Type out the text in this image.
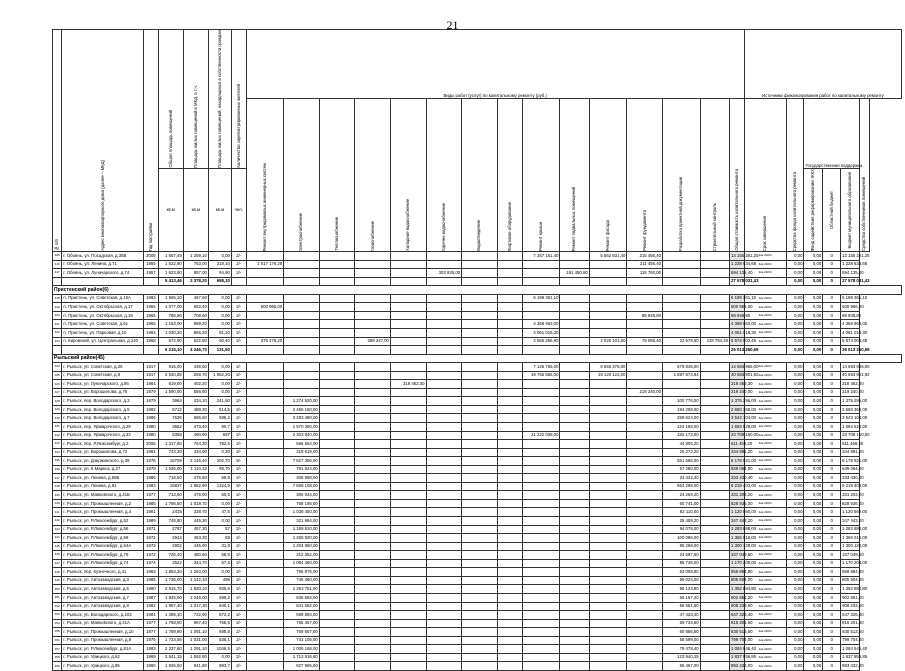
21
№ п/п	Адрес многоквартирного дома (далее – МКД)	Год постройки	Общая площадь помещений	Площадь жилых помещений в МКД, в т.ч.	Площадь жилых помещений, находящихся в собственности граждан	Количество зарегистрированных жителей	Виды работ (услуг) по капитальному ремонту (руб.)															Источники финансирования работ по капитальному ремонту					

							Ремонт внутридомовых инженерных систем	Электроснабжение	Теплоснабжение	Газоснабжение	Холодное водоснабжение	Горячее водоснабжение	Водоотведение	Лифтовое оборудование	Ремонт крыши	Ремонт подвальных помещений	Ремонт фасада	Ремонт фундамента	Разработка проектной документации	Строительный контроль	Общая стоимость капитального ремонта	Срок завершения	Средства фонда капитального ремонта	Государственная поддержка			Средства собственников помещений

			кв.м	кв.м	кв.м	чел.																		Фонд содействия реформированию ЖКХ	Областной бюджет	Бюджет муниципального образования	

406	г. Обоянь, ул. Посадская, д.35В	2005	1 657,49	1 259,10	0,00	2/-									7 257 161,40		5 562 831,40	215 456,40			13 155 261,25	4кв.2023г	0,00	0,00	0	13 155 261,25	
416	г. Обоянь, ул. Ленина, д.71	1955	1 522,90	763,00	318,10	2/-	1 017 176,28											211 456,40			1 228 634,68	4кв.2023г	0,00	0,00	0	1 228 634,68	
417	г. Обоянь, ул. Луначарского, д.74	1957	1 623,80	857,00	94,90	2/-						303 925,00				191 450,60		118 760,00			694 135,40	4кв.2023г	0,00	0,00	0	694 135,40	
			5 413,46	3 378,20	658,10																27 578 031,43		0,00	0,00	0	27 578 031,43	
Пристенский район(6)																											
418	п. Пристень, ул. Советская, д.15А	1983	1 565,10	467,60	0,00	2/-									6 199 361,10						6 199 361,10	4кв.2023г	0,00	0,00	0	6 199 361,10	
419	п. Пристень, ул. Октябрьская, д.17	1965	1 077,00	652,40	0,00	2/-	600 966,00														600 966,00	4кв.2023г	0,00	0,00	0	600 966,00	
420	п. Пристень, ул. Октябрьская, д.19	1965	786,80	708,60	0,00	2/-												88 948,80			88 948,80	4кв.2023г	0,00	0,00	0	88 948,80	
421	п. Пристень, ул. Советская, д.61	1965	1 153,00	999,20	0,00	2/-									4 368 963,00						4 368 963,00	4кв.2023г	0,00	0,00	0	4 368 963,00	
422	п. Пристень, ул. Парковая, д.10	1984	1 030,30	856,20	81,10	2/-									4 061 018,30						4 061 018,30	4кв.2023г	0,00	0,00	0	4 061 018,30	
423	п. Кировский, ул. Центральная, д.140	1968	672,90	622,50	50,40	2/-	375 478,20			289 347,00					2 565 256,90		2 026 101,60	78 056,40	22 578,60	118 784,49	5 574 003,49	4кв.2023г	0,00	0,00	0	5 574 003,49	
			6 215,10	4 246,70	131,50																26 013 260,69		0,00	0,00	0	26 013 260,69	
Рыльский район(45)																											
424	г. Рыльск, ул. Советская, д.25	1917	915,00	439,60	0,00	2/-									7 125 765,00		6 655 375,00		679 845,00		14 693 965,00	4кв.2023г	0,00	0,00	0	14 693 965,00	
425	г. Рыльск, ул. Советская, д.9	1917	2 540,88	259,70	1 062,20	2/-									19 755 556,00		19 120 122,00		1 887 873,84		40 693 901,92	4кв.2023г	0,00	0,00	0	40 693 901,92	
426	г. Рыльск, ул. Луначарского, д.86	1964	619,00	402,20	0,00	2/-					318 462,30										318 462,30	4кв.2023г	0,00	0,00	0	318 462,30	
427	г. Рыльск, ул. Ворошилова, д.76	1979	1 590,00	556,60	0,00	2/-												219 240,00			219 240,00	4кв.2023г	0,00	0,00	0	219 240,00	
428	г. Рыльск, пер. Володарского, д.3	1979	3964	434,10	241,50	2/-		1 274 520,00											100 776,00		1 375 296,00	4кв.2023г	0,00	0,00	0	1 375 296,00	
429	г. Рыльск, пер. Володарского, д.5	1982	5712	488,30	514,5	2/-		2 456 160,00											194 208,00		2 650 368,00	4кв.2023г	0,00	0,00	0	2 650 368,00	
430	г. Рыльск, пер. Володарского, д.7	1986	7636	696,50	586,2	2/-		3 283 480,00											259 624,00		3 543 104,00	4кв.2023г	0,00	0,00	0	3 543 104,00	
431	г. Рыльск, пер. Ярмарочного, д.29	1980	3652	473,40	80,7	2/-		1 570 360,00											124 168,00		1 694 528,00	4кв.2023г	0,00	0,00	0	1 694 528,00	
432	г. Рыльск, пер. Ярмарочного, д.33	1980	5358	490,90	697	2/-		2 303 940,00							21 222 038,00				182 172,00		23 708 150,00	4кв.2023г	0,00	0,00	0	23 708 150,00	
433	г. Рыльск, пер. Р.Люксембург, д.2	2006	1 317,80	764,30	782,5	2/-		566 654,00											44 805,20		611 459,20	4кв.2023г	0,00	0,00	0	611 459,20	
434	г. Рыльск, ул. Ворошилова, д.72	1981	743,30	434,90	0,30	2/-		319 619,00											25 272,20		344 891,20	4кв.2023г	0,00	0,00	0	344 891,20	
435	г. Рыльск, ул. Дзержинского, д.39	1976	15709	2 145,40	202,70	9/-		7 627 356,00											551 565,00		8 178 921,00	4кв.2023г	0,00	0,00	0	8 178 921,00	
436	г. Рыльск, ул. К.Маркса, д.27	1979	1 636,00	1 110,32	95,70	2/-		791 824,00											57 280,00		849 064,00	4кв.2023г	0,00	0,00	0	849 064,00	
437	г. Рыльск, ул. Ленина, д.59Б	1986	718,60	476,50	59,8	2/-		308 998,00											24 432,40		333 430,40	4кв.2023г	0,00	0,00	0	333 430,40	
438	г. Рыльск, ул. Ленина, д.91	1983	15837	1 862,90	1324,9	9/-		7 665 108,00											554 295,00		8 219 403,00	4кв.2023г	0,00	0,00	0	8 219 403,00	
439	г. Рыльск, ул. Маяковского, д.41Б	1977	713,60	479,90	60,5	2/-		306 934,00											24 269,20		331 203,20	4кв.2023г	0,00	0,00	0	331 203,20	
440	г. Рыльск, ул. Промышленная, д.2	1985	1 786,50	1 018,70	0,00	2/-		768 195,00											60 741,00		828 936,00	4кв.2023г	0,00	0,00	0	828 936,00	
441	г. Рыльск, ул. Промышленная, д.4	1981	2415	328,70	47,5	2/-		1 038 450,00											82 110,00		1 120 560,00	4кв.2023г	0,00	0,00	0	1 120 560,00	
442	г. Рыльск, ул. Р.Люксембург, д.52	1989	748,80	445,30	0,00	2/-		321 984,00											25 459,20		347 443,20	4кв.2023г	0,00	0,00	0	347 443,20	
443	г. Рыльск, ул. Р.Люксембург, д.56	1971	2787	457,30	57	2/-		1 189 810,00											94 078,00		1 283 888,00	4кв.2023г	0,00	0,00	0	1 283 888,00	
444	г. Рыльск, ул. Р.Люксембург, д.58	1971	2944	463,30	59	2/-		1 265 920,00											100 096,00		1 366 016,00	4кв.2023г	0,00	0,00	0	1 366 016,00	
445	г. Рыльск, ул. Р.Люксембург, д.64А	1973	2802	445,90	31,8	2/-		1 204 860,00											95 268,00		1 300 128,00	4кв.2023г	0,00	0,00	0	1 300 128,00	
446	г. Рыльск, ул. Р.Люксембург, д.79	1972	726,40	480,60	58,9	2/-		312 352,00											24 697,60		337 049,60	4кв.2023г	0,00	0,00	0	337 049,60	
447	г. Рыльск, ул. Р.Люксембург, д.74	1974	2522	344,70	67,6	2/-		1 084 460,00											85 748,00		1 170 208,00	4кв.2023г	0,00	0,00	0	1 170 208,00	
448	г. Рыльск, пер. Кузнечного, д.31	1983	1 853,20	1 263,00	0,00	2/-		796 876,00											63 008,80		859 884,80	4кв.2023г	0,00	0,00	0	859 884,80	
449	г. Рыльск, ул. Автозаводская, д.3	1985	1 736,00	1 142,10	499	2/-		746 480,00											59 024,00		805 504,00	4кв.2023г	0,00	0,00	0	805 504,00	
450	г. Рыльск, ул. Автозаводская, д.6	1990	2 915,70	1 920,10	935,6	2/-		1 253 751,00											99 133,80		1 352 884,80	4кв.2023г	0,00	0,00	0	1 352 884,80	
451	г. Рыльск, ул. Автозаводская, д.7	1987	1 945,00	1 246,00	699,2	2/-		836 694,00											66 157,20		902 851,20	4кв.2023г	0,00	0,00	0	902 851,20	
452	г. Рыльск, ул. Автозаводская, д.8	1982	1 957,40	1 317,30	640,1	2/-		841 682,00											66 551,60		908 233,60	4кв.2023г	0,00	0,00	0	908 233,60	
453	г. Рыльск, ул. Володарского, д.102	1981	1 395,10	722,90	672,2	2/-		599 893,00											47 433,40		647 326,40	4кв.2023г	0,00	0,00	0	647 326,40	
454	г. Рыльск, ул. Маяковского, д.41А	1977	1 758,90	967,40	768,5	2/-		755 467,00											59 734,60		815 201,60	4кв.2023г	0,00	0,00	0	815 201,60	
455	г. Рыльск, ул. Промышленная, д.10	1977	1 789,90	1 091,10	698,8	2/-		769 657,00											60 856,60		830 513,60	4кв.2023г	0,00	0,00	0	830 513,60	
456	г. Рыльск, ул. Промышленная, д.8	1975	1 723,56	1 031,00	536,1	2/-		741 105,00											58 599,00		799 704,00	4кв.2023г	0,00	0,00	0	799 704,00	
457	г. Рыльск, ул. Р.Люксембург, д.81А	1983	2 337,60	1 291,10	1046,5	2/-		1 005 168,00											79 478,40		1 084 646,40	4кв.2023г	0,00	0,00	0	1 084 646,40	
458	г. Рыльск, ул. Урицкого, д.62	1989	3 541,15	1 592,80	0,00	2/-		1 713 916,60											123 940,25		1 837 856,85	4кв.2023г	0,00	0,00	0	1 837 856,85	
459	г. Рыльск, ул. Урицкого, д.85	1990	1 926,50	941,80	983,7	2/-		827 965,00											65 467,00		893 432,00	4кв.2023г	0,00	0,00	0	893 432,00	
